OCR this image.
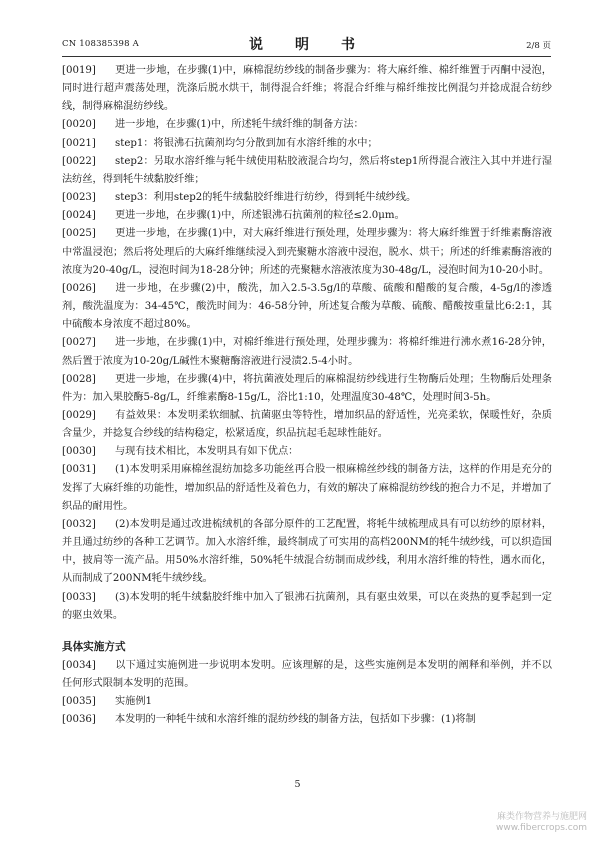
CN 108385398 A	说　明　书	2/8 页
[0019] 更进一步地，在步骤(1)中，麻棉混纺纱线的制备步骤为：将大麻纤维、棉纤维置于丙酮中浸泡，同时进行超声震荡处理，洗涤后脱水烘干，制得混合纤维；将混合纤维与棉纤维按比例混匀并捻成混合纺纱线，制得麻棉混纺纱线。
[0020] 进一步地，在步骤(1)中，所述牦牛绒纤维的制备方法：
[0021] step1：将银沸石抗菌剂均匀分散到加有水溶纤维的水中；
[0022] step2：另取水溶纤维与牦牛绒使用粘胶液混合均匀，然后将step1所得混合液注入其中并进行湿法纺丝，得到牦牛绒黏胶纤维；
[0023] step3：利用step2的牦牛绒黏胶纤维进行纺纱，得到牦牛绒纱线。
[0024] 更进一步地，在步骤(1)中，所述银沸石抗菌剂的粒径≤2.0μm。
[0025] 更进一步地，在步骤(1)中，对大麻纤维进行预处理，处理步骤为：将大麻纤维置于纤维素酶溶液中常温浸泡；然后将处理后的大麻纤维继续浸入到壳聚糖水溶液中浸泡，脱水、烘干；所述的纤维素酶溶液的浓度为20-40g/L，浸泡时间为18-28分钟；所述的壳聚糖水溶液浓度为30-48g/L，浸泡时间为10-20小时。
[0026] 进一步地，在步骤(2)中，酸洗，加入2.5-3.5g/l的草酸、硫酸和醋酸的复合酸，4-5g/l的渗透剂，酸洗温度为：34-45℃，酸洗时间为：46-58分钟，所述复合酸为草酸、硫酸、醋酸按重量比6:2:1，其中硫酸本身浓度不超过80%。
[0027] 进一步地，在步骤(1)中，对棉纤维进行预处理，处理步骤为：将棉纤维进行沸水煮16-28分钟，然后置于浓度为10-20g/L碱性木聚糖酶溶液进行浸渍2.5-4小时。
[0028] 更进一步地，在步骤(4)中，将抗菌液处理后的麻棉混纺纱线进行生物酶后处理；生物酶后处理条件为：加入果胶酶5-8g/L，纤维素酶8-15g/L，浴比1:10，处理温度30-48℃，处理时间3-5h。
[0029] 有益效果：本发明柔软细腻、抗菌驱虫等特性，增加织品的舒适性，光亮柔软，保暖性好，杂质含量少，并捻复合纱线的结构稳定，松紧适度，织品抗起毛起球性能好。
[0030] 与现有技术相比，本发明具有如下优点：
[0031] (1)本发明采用麻棉丝混纺加捻多功能丝再合股一根麻棉丝纱线的制备方法，这样的作用是充分的发挥了大麻纤维的功能性，增加织品的舒适性及着色力，有效的解决了麻棉混纺纱线的抱合力不足，并增加了织品的耐用性。
[0032] (2)本发明是通过改进梳绒机的各部分原件的工艺配置，将牦牛绒梳理成具有可以纺纱的原材料，并且通过纺纱的各种工艺调节。加入水溶纤维，最终制成了可实用的高档200NM的牦牛绒纱线，可以织造国中，披肩等一流产品。用50%水溶纤维，50%牦牛绒混合纺制而成纱线，利用水溶纤维的特性，遇水而化，从而制成了200NM牦牛绒纱线。
[0033] (3)本发明的牦牛绒黏胶纤维中加入了银沸石抗菌剂，具有驱虫效果，可以在炎热的夏季起到一定的驱虫效果。
具体实施方式
[0034] 以下通过实施例进一步说明本发明。应该理解的是，这些实施例是本发明的阐释和举例，并不以任何形式限制本发明的范围。
[0035] 实施例1
[0036] 本发明的一种牦牛绒和水溶纤维的混纺纱线的制备方法，包括如下步骤：(1)将制
5
麻类作物营养与施肥网
www.fibercrops.com
